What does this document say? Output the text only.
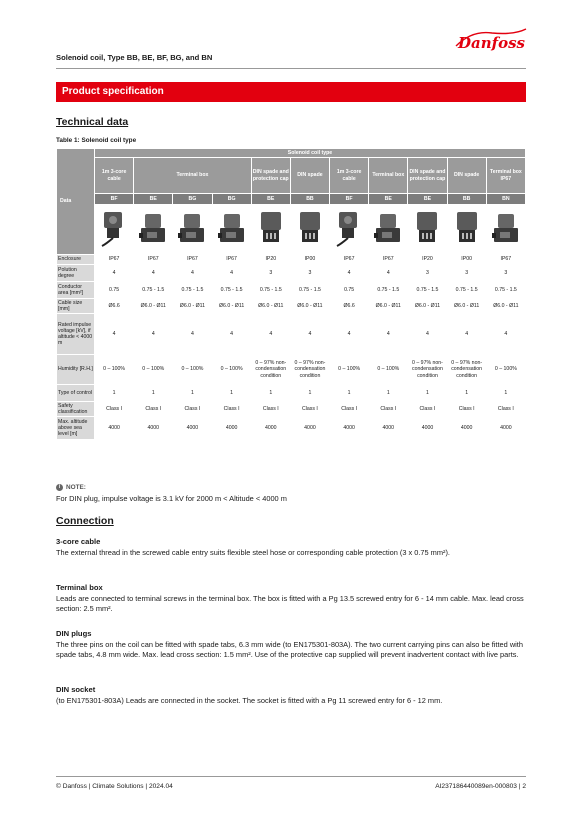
Solenoid coil, Type BB, BE, BF, BG, and BN
Danfoss
Product specification
Technical data
Table 1: Solenoid coil type
Data	Solenoid coil type										
	1m 3-core cable	Terminal box			DIN spade and protection cap	DIN spade	1m 3-core cable	Terminal box	DIN spade and protection cap	DIN spade	Terminal box IP67
	BF	BE	BG	BG	BE	BB	BF	BE	BE	BB	BN

Enclosure	IP67	IP67	IP67	IP67	IP20	IP00	IP67	IP67	IP20	IP00	IP67
Polution degree	4	4	4	4	3	3	4	4	3	3	3
Conductor area [mm²]	0.75	0.75 - 1.5	0.75 - 1.5	0.75 - 1.5	0.75 - 1.5	0.75 - 1.5	0.75	0.75 - 1.5	0.75 - 1.5	0.75 - 1.5	0.75 - 1.5
Cable size [mm]	Ø6.6	Ø6.0 - Ø11	Ø6.0 - Ø11	Ø6.0 - Ø11	Ø6.0 - Ø11	Ø6.0 - Ø11	Ø6.6	Ø6.0 - Ø11	Ø6.0 - Ø11	Ø6.0 - Ø11	Ø6.0 - Ø11
Rated impulse voltage [kV], if altitude < 4000 m	4	4	4	4	4	4	4	4	4	4	4
Humidity [R.H.]	0 – 100%	0 – 100%	0 – 100%	0 – 100%	0 – 97% non-condensation condition	0 – 97% non-condensation condition	0 – 100%	0 – 100%	0 – 97% non-condensation condition	0 – 97% non-condensation condition	0 – 100%
Type of control	1	1	1	1	1	1	1	1	1	1	1
Safety classification	Class I	Class I	Class I	Class I	Class I	Class I	Class I	Class I	Class I	Class I	Class I
Max. altitude above sea level [m]	4000	4000	4000	4000	4000	4000	4000	4000	4000	4000	4000
i NOTE:
For DIN plug, impulse voltage is 3.1 kV for 2000 m < Altitude < 4000 m
Connection
3-core cable
The external thread in the screwed cable entry suits flexible steel hose or corresponding cable protection (3 x 0.75 mm²).
Terminal box
Leads are connected to terminal screws in the terminal box. The box is fitted with a Pg 13.5 screwed entry for 6 - 14 mm cable. Max. lead cross section: 2.5 mm².
DIN plugs
The three pins on the coil can be fitted with spade tabs, 6.3 mm wide (to EN175301-803A). The two current carrying pins can also be fitted with spade tabs, 4.8 mm wide. Max. lead cross section: 1.5 mm². Use of the protective cap supplied will prevent inadvertent contact with live parts.
DIN socket
(to EN175301-803A) Leads are connected in the socket. The socket is fitted with a Pg 11 screwed entry for 6 - 12 mm.
© Danfoss | Climate Solutions | 2024.04	AI237186440089en-000803 | 2
